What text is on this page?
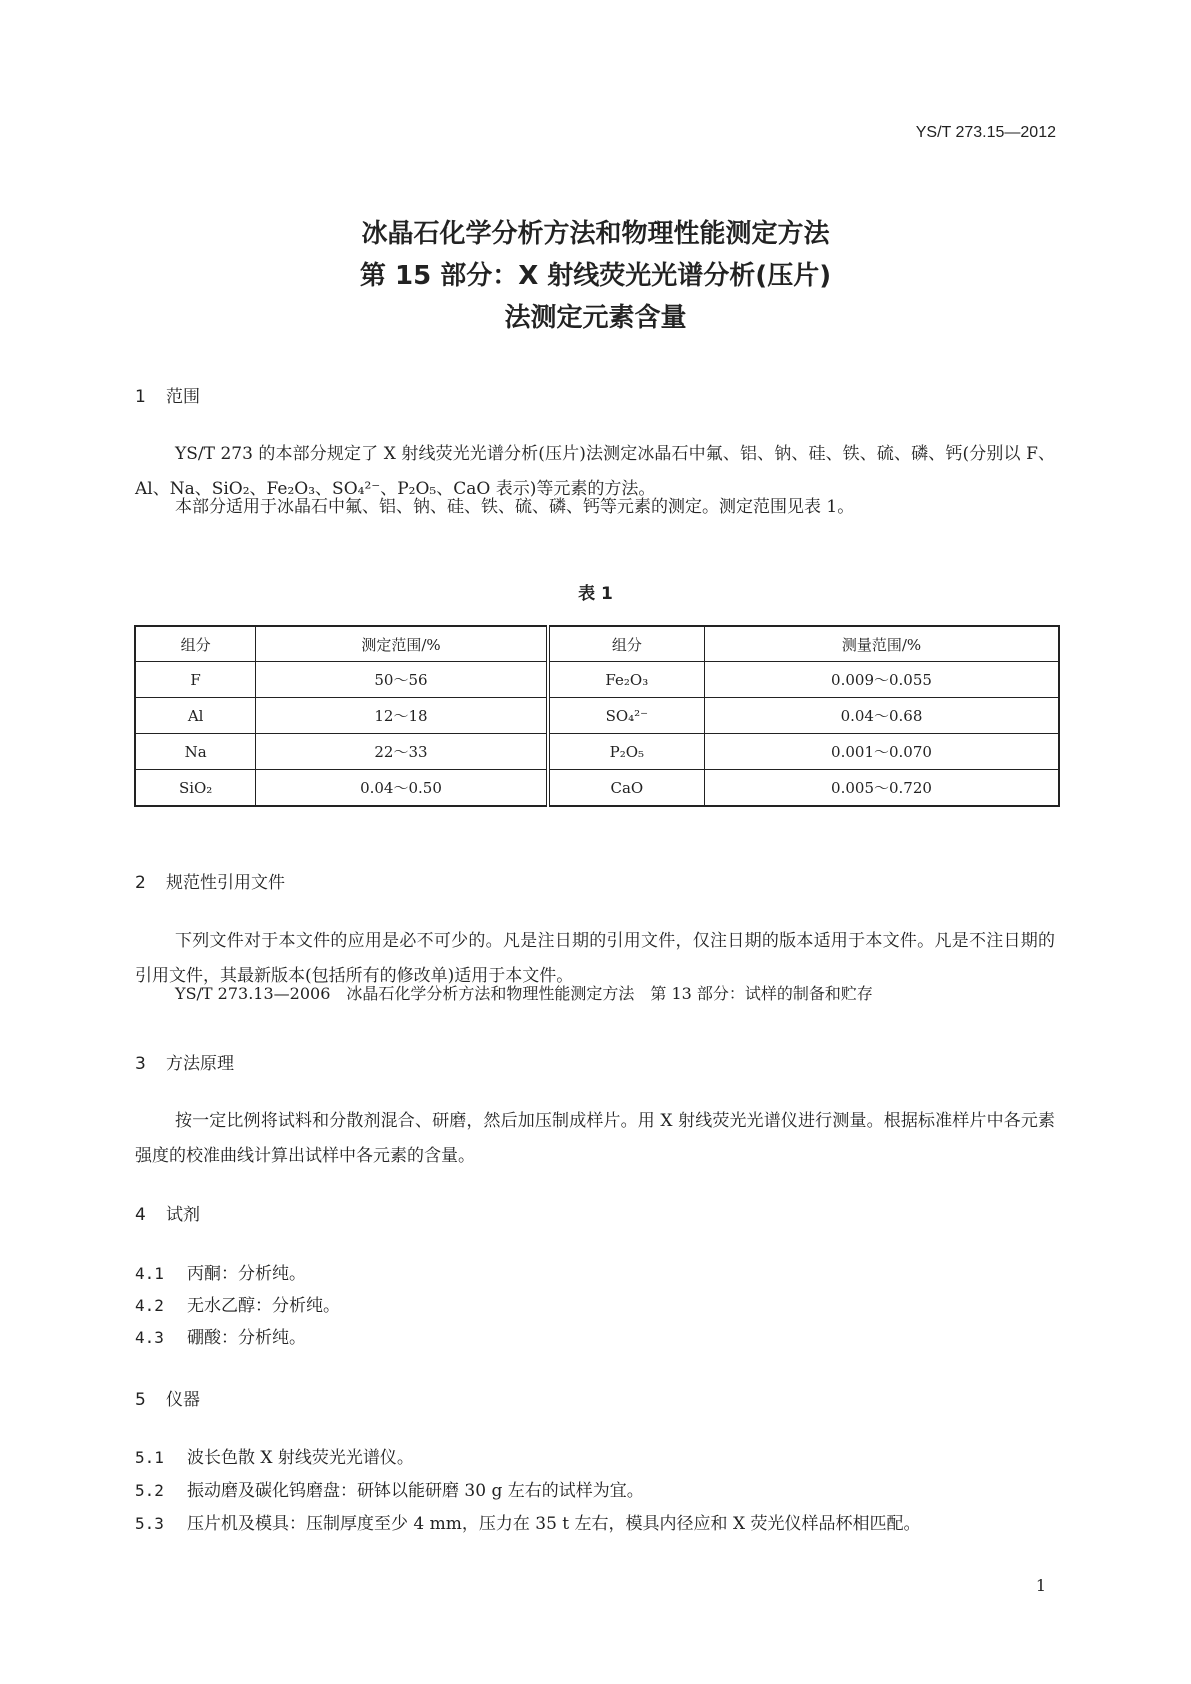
YS/T 273.15—2012
冰晶石化学分析方法和物理性能测定方法
第 15 部分：X 射线荧光光谱分析(压片)
法测定元素含量
1 范围
YS/T 273 的本部分规定了 X 射线荧光光谱分析(压片)法测定冰晶石中氟、铝、钠、硅、铁、硫、磷、钙(分别以 F、Al、Na、SiO₂、Fe₂O₃、SO₄²⁻、P₂O₅、CaO 表示)等元素的方法。
本部分适用于冰晶石中氟、铝、钠、硅、铁、硫、磷、钙等元素的测定。测定范围见表 1。
表 1
组分	测定范围/%	组分	测量范围/%
F	50～56	Fe₂O₃	0.009～0.055
Al	12～18	SO₄²⁻	0.04～0.68
Na	22～33	P₂O₅	0.001～0.070
SiO₂	0.04～0.50	CaO	0.005～0.720
2 规范性引用文件
下列文件对于本文件的应用是必不可少的。凡是注日期的引用文件，仅注日期的版本适用于本文件。凡是不注日期的引用文件，其最新版本(包括所有的修改单)适用于本文件。
YS/T 273.13—2006　冰晶石化学分析方法和物理性能测定方法　第 13 部分：试样的制备和贮存
3 方法原理
按一定比例将试料和分散剂混合、研磨，然后加压制成样片。用 X 射线荧光光谱仪进行测量。根据标准样片中各元素强度的校准曲线计算出试样中各元素的含量。
4 试剂
4.1 丙酮：分析纯。
4.2 无水乙醇：分析纯。
4.3 硼酸：分析纯。
5 仪器
5.1 波长色散 X 射线荧光光谱仪。
5.2 振动磨及碳化钨磨盘：研钵以能研磨 30 g 左右的试样为宜。
5.3 压片机及模具：压制厚度至少 4 mm，压力在 35 t 左右，模具内径应和 X 荧光仪样品杯相匹配。
1
